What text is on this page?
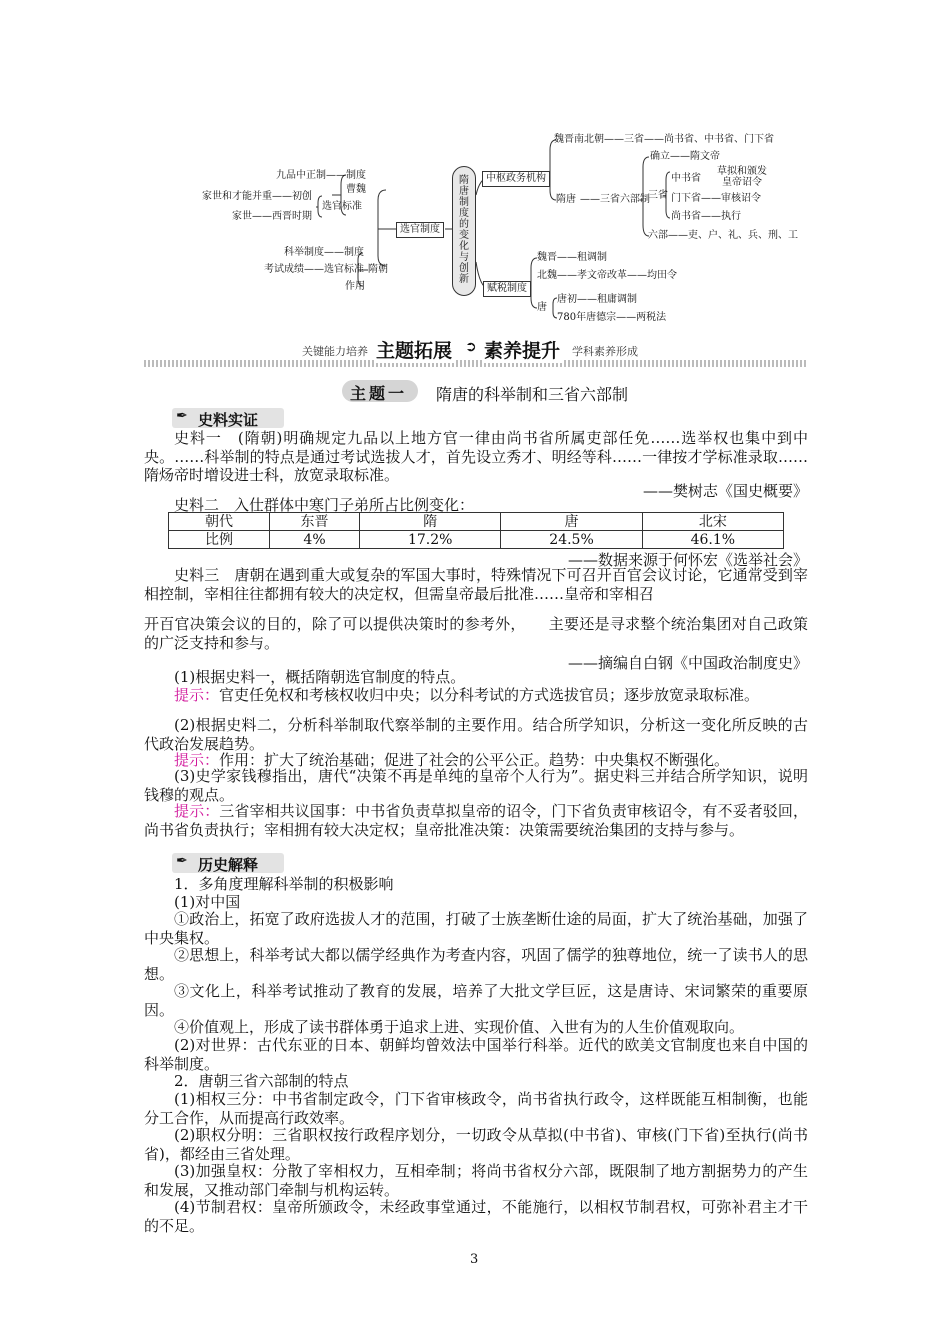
九品中正制——制度
家世和才能并重——初创
家世——西晋时期
选官标准
曹魏
选官制度
科举制度——制度
考试成绩——选官标准
作用
隋朝
隋唐制度的变化与创新
中枢政务机构
魏晋南北朝——三省——尚书省、中书省、门下省
隋唐 ——三省六部制
确立——隋文帝
三省
中书省
草拟和颁发皇帝诏令
门下省——审核诏令
尚书省——执行
六部——吏、户、礼、兵、刑、工
赋税制度
魏晋——租调制
北魏——孝文帝改革——均田令
唐
唐初——租庸调制
780年唐德宗——两税法
关键能力培养 主题拓展 ➲ 素养提升 学科素养形成
主题一 隋唐的科举制和三省六部制
✒ 史料实证
史料一　(隋朝)明确规定九品以上地方官一律由尚书省所属吏部任免……选举权也集中到中央。……科举制的特点是通过考试选拔人才，首先设立秀才、明经等科……一律按才学标准录取……隋炀帝时增设进士科，放宽录取标准。
——樊树志《国史概要》
史料二　入仕群体中寒门子弟所占比例变化：
朝代	东晋	隋	唐	北宋
比例	4%	17.2%	24.5%	46.1%
——数据来源于何怀宏《选举社会》
史料三　唐朝在遇到重大或复杂的军国大事时，特殊情况下可召开百官会议讨论，它通常受到宰相控制，宰相往往都拥有较大的决定权，但需皇帝最后批准……皇帝和宰相召
开百官决策会议的目的，除了可以提供决策时的参考外，　　主要还是寻求整个统治集团对自己政策的广泛支持和参与。
——摘编自白钢《中国政治制度史》
(1)根据史料一，概括隋朝选官制度的特点。
提示：官吏任免权和考核权收归中央；以分科考试的方式选拔官员；逐步放宽录取标准。
(2)根据史料二，分析科举制取代察举制的主要作用。结合所学知识，分析这一变化所反映的古代政治发展趋势。
提示：作用：扩大了统治基础；促进了社会的公平公正。趋势：中央集权不断强化。
(3)史学家钱穆指出，唐代“决策不再是单纯的皇帝个人行为”。据史料三并结合所学知识，说明钱穆的观点。
提示：三省宰相共议国事：中书省负责草拟皇帝的诏令，门下省负责审核诏令，有不妥者驳回，尚书省负责执行；宰相拥有较大决定权；皇帝批准决策：决策需要统治集团的支持与参与。
✒ 历史解释
1．多角度理解科举制的积极影响
(1)对中国
①政治上，拓宽了政府选拔人才的范围，打破了士族垄断仕途的局面，扩大了统治基础，加强了中央集权。
②思想上，科举考试大都以儒学经典作为考查内容，巩固了儒学的独尊地位，统一了读书人的思想。
③文化上，科举考试推动了教育的发展，培养了大批文学巨匠，这是唐诗、宋词繁荣的重要原因。
④价值观上，形成了读书群体勇于追求上进、实现价值、入世有为的人生价值观取向。
(2)对世界：古代东亚的日本、朝鲜均曾效法中国举行科举。近代的欧美文官制度也来自中国的科举制度。
2．唐朝三省六部制的特点
(1)相权三分：中书省制定政令，门下省审核政令，尚书省执行政令，这样既能互相制衡，也能分工合作，从而提高行政效率。
(2)职权分明：三省职权按行政程序划分，一切政令从草拟(中书省)、审核(门下省)至执行(尚书省)，都经由三省处理。
(3)加强皇权：分散了宰相权力，互相牵制；将尚书省权分六部，既限制了地方割据势力的产生和发展，又推动部门牵制与机构运转。
(4)节制君权：皇帝所颁政令，未经政事堂通过，不能施行，以相权节制君权，可弥补君主才干的不足。
3
